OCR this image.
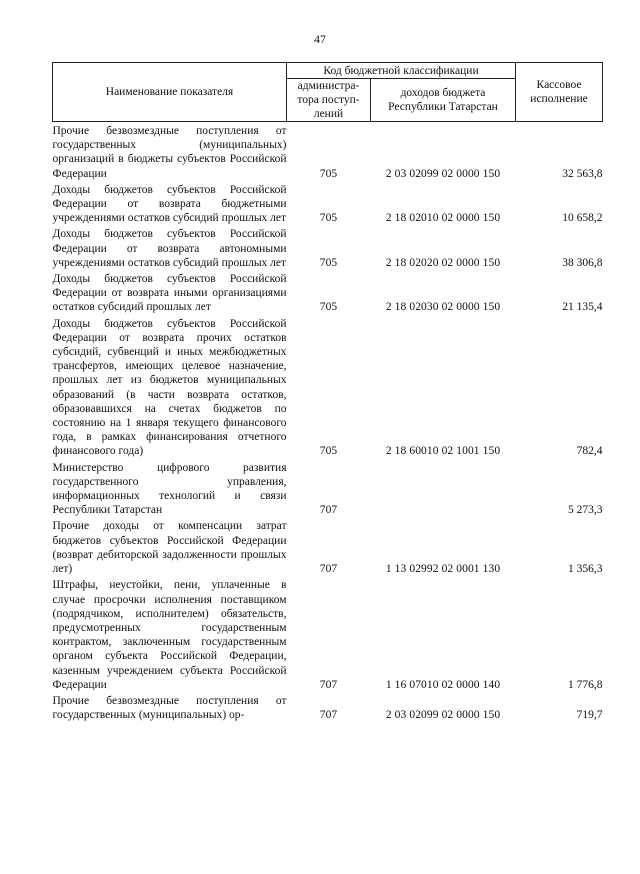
47
Наименование показателя	Код бюджетной классификации		Кассовое
исполнение
	администра-
тора поступ-
лений	доходов бюджета
Республики Татарстан	
Прочие безвозмездные поступления от государственных (муниципальных) организаций в бюджеты субъектов Российской Федерации	705	2 03 02099 02 0000 150	32 563,8
Доходы бюджетов субъектов Российской Федерации от возврата бюджетными учреждениями остатков субсидий прошлых лет	705	2 18 02010 02 0000 150	10 658,2
Доходы бюджетов субъектов Российской Федерации от возврата автономными учреждениями остатков субсидий прошлых лет	705	2 18 02020 02 0000 150	38 306,8
Доходы бюджетов субъектов Российской Федерации от возврата иными организациями остатков субсидий прошлых лет	705	2 18 02030 02 0000 150	21 135,4
Доходы бюджетов субъектов Российской Федерации от возврата прочих остатков субсидий, субвенций и иных межбюджетных трансфертов, имеющих целевое назначение, прошлых лет из бюджетов муниципальных образований (в части возврата остатков, образовавшихся на счетах бюджетов по состоянию на 1 января текущего финансового года, в рамках финансирования отчетного финансового года)	705	2 18 60010 02 1001 150	782,4
Министерство цифрового развития государственного управления, информационных технологий и связи Республики Татарстан	707		5 273,3
Прочие доходы от компенсации затрат бюджетов субъектов Российской Федерации (возврат дебиторской задолженности прошлых лет)	707	1 13 02992 02 0001 130	1 356,3
Штрафы, неустойки, пени, уплаченные в случае просрочки исполнения поставщиком (подрядчиком, исполнителем) обязательств, предусмотренных государственным контрактом, заключенным государственным органом субъекта Российской Федерации, казенным учреждением субъекта Российской Федерации	707	1 16 07010 02 0000 140	1 776,8
Прочие безвозмездные поступления от государственных (муниципальных) ор-	707	2 03 02099 02 0000 150	719,7
